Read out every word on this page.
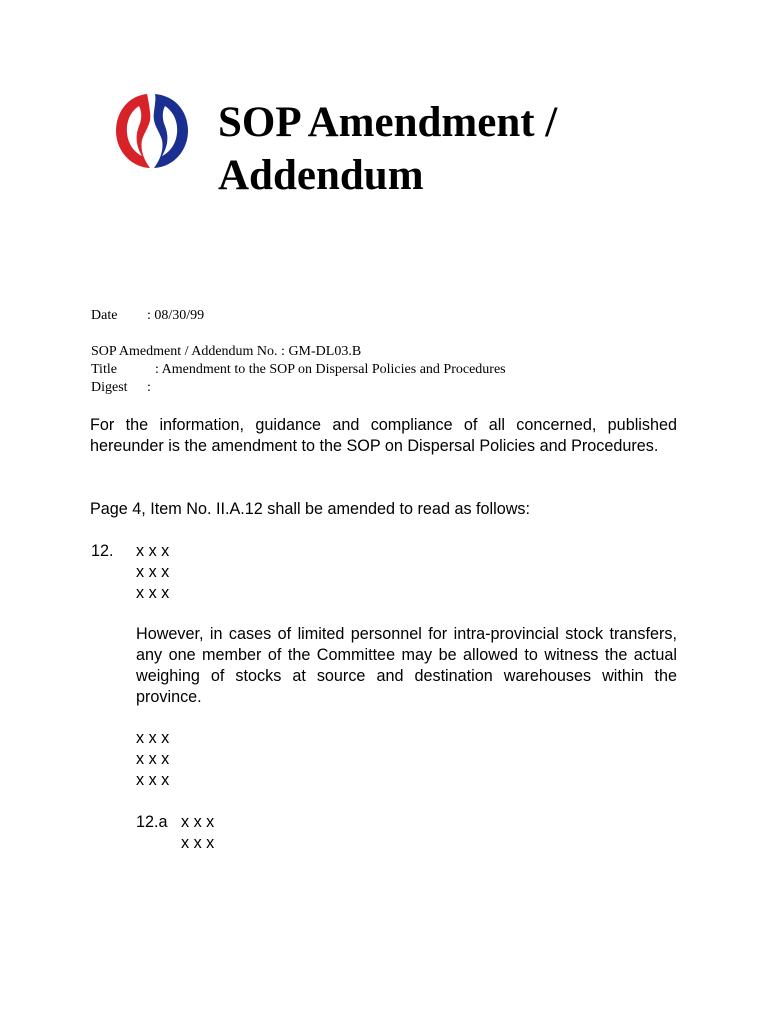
SOP Amendment /
Addendum
Date : 08/30/99
SOP Amedment / Addendum No. : GM-DL03.B
Title	: Amendment to the SOP on Dispersal Policies and Procedures
Digest :
For the information, guidance and compliance of all concerned, published hereunder is the amendment to the SOP on Dispersal Policies and Procedures.
Page 4, Item No. II.A.12 shall be amended to read as follows:
12. x x x
x x x
x x x
However, in cases of limited personnel for intra-provincial stock transfers, any one member of the Committee may be allowed to witness the actual weighing of stocks at source and destination warehouses within the province.
x x x
x x x
x x x
12.a x x x
x x x
